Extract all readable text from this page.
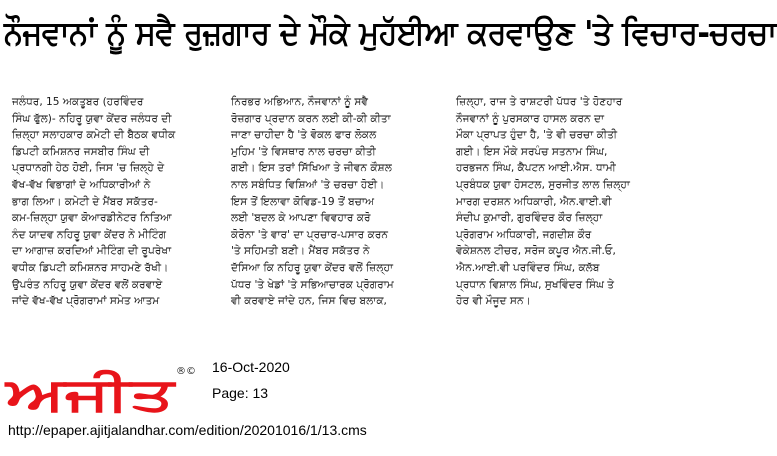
ਨੌਜਵਾਨਾਂ ਨੂੰ ਸਵੈ ਰੁਜ਼ਗਾਰ ਦੇ ਮੌਕੇ ਮੁਹੱਈਆ ਕਰਵਾਉਣ 'ਤੇ ਵਿਚਾਰ-ਚਰਚਾ

ਜਲੰਧਰ, 15 ਅਕਤੂਬਰ (ਹਰਵਿੰਦਰ

ਸਿੰਘ ਫੁੱਲ)- ਨਹਿਰੂ ਯੁਵਾ ਕੇਂਦਰ ਜਲੰਧਰ ਦੀ

ਜ਼ਿਲ੍ਹਾ ਸਲਾਹਕਾਰ ਕਮੇਟੀ ਦੀ ਬੈਠਕ ਵਧੀਕ

ਡਿਪਟੀ ਕਮਿਸ਼ਨਰ ਜਸਬੀਰ ਸਿੰਘ ਦੀ

ਪ੍ਰਧਾਨਗੀ ਹੇਠ ਹੋਈ, ਜਿਸ 'ਚ ਜ਼ਿਲ੍ਹੇ ਦੇ

ਵੱਖ-ਵੱਖ ਵਿਭਾਗਾਂ ਦੇ ਅਧਿਕਾਰੀਆਂ ਨੇ

ਭਾਗ ਲਿਆ। ਕਮੇਟੀ ਦੇ ਮੈਂਬਰ ਸਕੱਤਰ-

ਕਮ-ਜ਼ਿਲ੍ਹਾ ਯੁਵਾ ਕੋਆਰਡੀਨੇਟਰ ਨਿਤਿਆ

ਨੰਦ ਯਾਦਵ ਨਹਿਰੂ ਯੁਵਾ ਕੇਂਦਰ ਨੇ ਮੀਟਿੰਗ

ਦਾ ਆਗਾਜ਼ ਕਰਦਿਆਂ ਮੀਟਿੰਗ ਦੀ ਰੂਪਰੇਖਾ

ਵਧੀਕ ਡਿਪਟੀ ਕਮਿਸ਼ਨਰ ਸਾਹਮਣੇ ਰੱਖੀ।

ਉਪਰੰਤ ਨਹਿਰੂ ਯੁਵਾ ਕੇਂਦਰ ਵਲੋਂ ਕਰਵਾਏ

ਜਾਂਦੇ ਵੱਖ-ਵੱਖ ਪ੍ਰੋਗਰਾਮਾਂ ਸਮੇਤ ਆਤਮ

ਨਿਰਭਰ ਅਭਿਆਨ, ਨੌਜਵਾਨਾਂ ਨੂੰ ਸਵੈ

ਰੋਜ਼ਗਾਰ ਪ੍ਰਦਾਨ ਕਰਨ ਲਈ ਕੀ-ਕੀ ਕੀਤਾ

ਜਾਣਾ ਚਾਹੀਦਾ ਹੈ 'ਤੇ ਵੋਕਲ ਫਾਰ ਲੋਕਲ

ਮੁਹਿਮ 'ਤੇ ਵਿਸਥਾਰ ਨਾਲ ਚਰਚਾ ਕੀਤੀ

ਗਈ। ਇਸ ਤਰਾਂ ਸਿੱਖਿਆ ਤੇ ਜੀਵਨ ਕੌਸ਼ਲ

ਨਾਲ ਸਬੰਧਿਤ ਵਿਸ਼ਿਆਂ 'ਤੇ ਚਰਚਾ ਹੋਈ।

ਇਸ ਤੋਂ ਇਲਾਵਾ ਕੋਵਿਡ-19 ਤੋਂ ਬਚਾਅ

ਲਈ 'ਬਦਲ ਕੇ ਆਪਣਾ ਵਿਵਹਾਰ ਕਰੋ

ਕੋਰੋਨਾ 'ਤੇ ਵਾਰ' ਦਾ ਪ੍ਰਚਾਰ-ਪਸਾਰ ਕਰਨ

'ਤੇ ਸਹਿਮਤੀ ਬਣੀ। ਮੈਂਬਰ ਸਕੱਤਰ ਨੇ

ਦੱਸਿਆ ਕਿ ਨਹਿਰੂ ਯੁਵਾ ਕੇਂਦਰ ਵਲੋਂ ਜ਼ਿਲ੍ਹਾ

ਪੱਧਰ 'ਤੇ ਖੇਡਾਂ 'ਤੇ ਸਭਿਆਚਾਰਕ ਪ੍ਰੋਗਰਾਮ

ਵੀ ਕਰਵਾਏ ਜਾਂਦੇ ਹਨ, ਜਿਸ ਵਿਚ ਬਲਾਕ,

ਜ਼ਿਲ੍ਹਾ, ਰਾਜ ਤੇ ਰਾਸ਼ਟਰੀ ਪੱਧਰ 'ਤੇ ਹੋਣਹਾਰ

ਨੌਜਵਾਨਾਂ ਨੂੰ ਪੁਰਸਕਾਰ ਹਾਸਲ ਕਰਨ ਦਾ

ਮੌਕਾ ਪ੍ਰਾਪਤ ਹੁੰਦਾ ਹੈ, 'ਤੇ ਵੀ ਚਰਚਾ ਕੀਤੀ

ਗਈ। ਇਸ ਮੌਕੇ ਸਰਪੰਚ ਸਤਨਾਮ ਸਿੰਘ,

ਹਰਭਜਨ ਸਿੰਘ, ਕੈਪਟਨ ਆਈ.ਐਸ. ਧਾਮੀ

ਪ੍ਰਬੰਧਕ ਯੁਵਾ ਹੋਸਟਲ, ਸੁਰਜੀਤ ਲਾਲ ਜ਼ਿਲ੍ਹਾ

ਮਾਰਗ ਦਰਸ਼ਨ ਅਧਿਕਾਰੀ, ਐਨ.ਵਾਈ.ਵੀ

ਸੰਦੀਪ ਕੁਮਾਰੀ, ਗੁਰਵਿੰਦਰ ਕੌਰ ਜ਼ਿਲ੍ਹਾ

ਪ੍ਰੋਗਰਾਮ ਅਧਿਕਾਰੀ, ਜਗਦੀਸ਼ ਕੌਰ

ਵੋਕੇਸ਼ਨਲ ਟੀਚਰ, ਸਰੋਜ ਕਪੂਰ ਐਨ.ਜੀ.ਓ,

ਐਨ.ਆਈ.ਵੀ ਪਰਵਿੰਦਰ ਸਿੰਘ, ਕਲੱਬ

ਪ੍ਰਧਾਨ ਵਿਸ਼ਾਲ ਸਿੰਘ, ਸੁਖਵਿੰਦਰ ਸਿੰਘ ਤੇ

ਹੋਰ ਵੀ ਮੌਜੂਦ ਸਨ।

ਅਜੀਤ ®© 16-Oct-2020
Page: 13
http://epaper.ajitjalandhar.com/edition/20201016/1/13.cms
